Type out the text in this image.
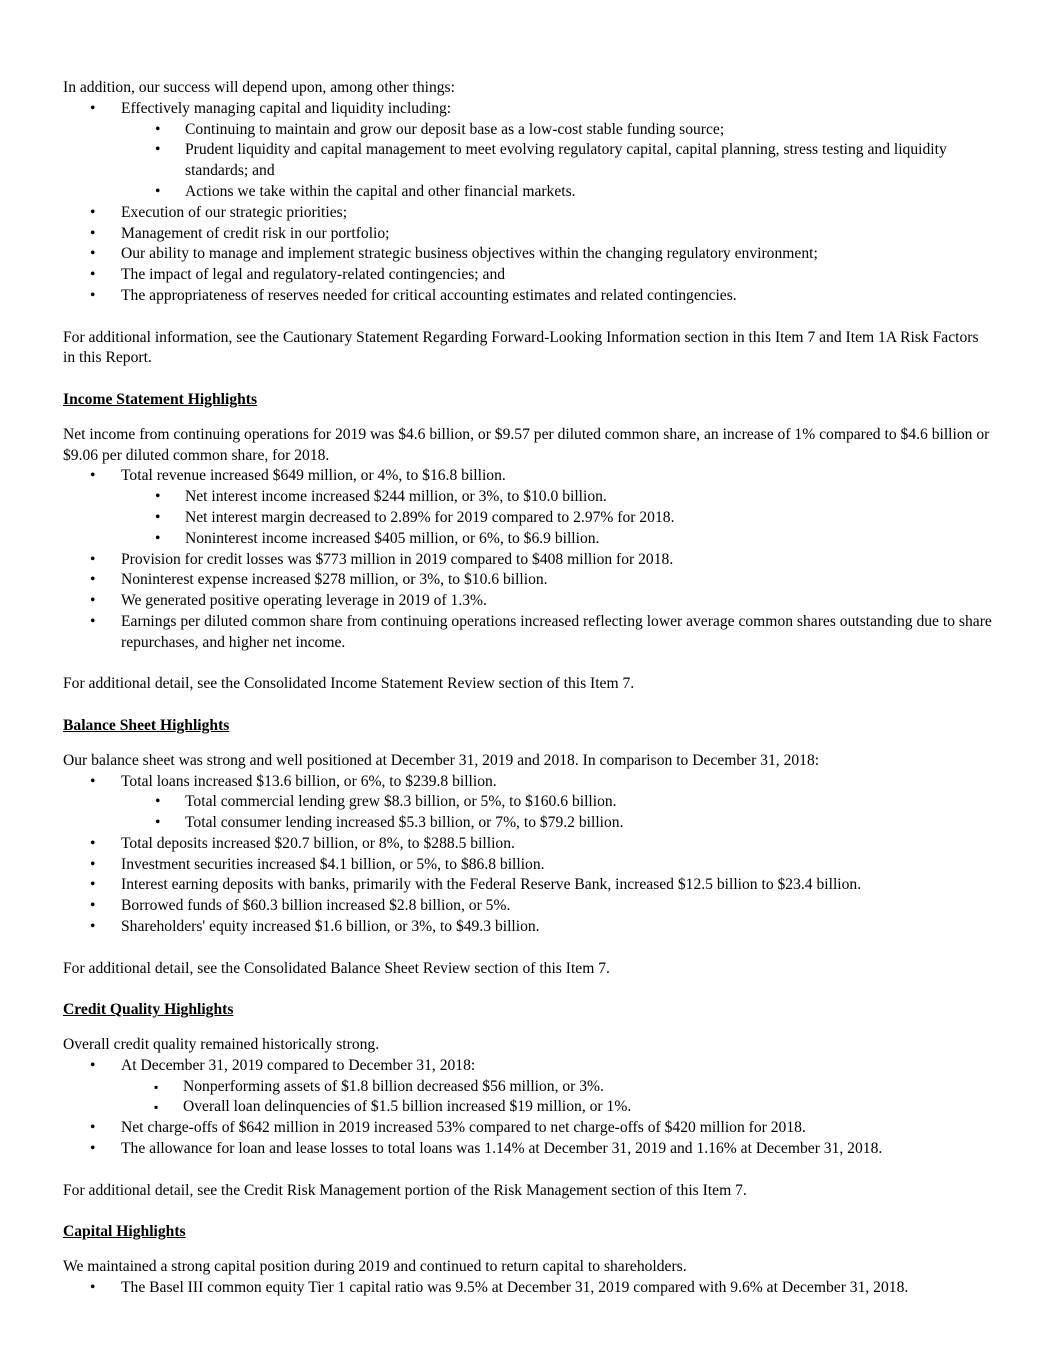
In addition, our success will depend upon, among other things:

• Effectively managing capital and liquidity including:
• Continuing to maintain and grow our deposit base as a low-cost stable funding source;
• Prudent liquidity and capital management to meet evolving regulatory capital, capital planning, stress testing and liquidity standards; and
• Actions we take within the capital and other financial markets.
• Execution of our strategic priorities;
• Management of credit risk in our portfolio;
• Our ability to manage and implement strategic business objectives within the changing regulatory environment;
• The impact of legal and regulatory-related contingencies; and
• The appropriateness of reserves needed for critical accounting estimates and related contingencies.

For additional information, see the Cautionary Statement Regarding Forward-Looking Information section in this Item 7 and Item 1A Risk Factors in this Report.

Income Statement Highlights

Net income from continuing operations for 2019 was $4.6 billion, or $9.57 per diluted common share, an increase of 1% compared to $4.6 billion or $9.06 per diluted common share, for 2018.

• Total revenue increased $649 million, or 4%, to $16.8 billion.
• Net interest income increased $244 million, or 3%, to $10.0 billion.
• Net interest margin decreased to 2.89% for 2019 compared to 2.97% for 2018.
• Noninterest income increased $405 million, or 6%, to $6.9 billion.
• Provision for credit losses was $773 million in 2019 compared to $408 million for 2018.
• Noninterest expense increased $278 million, or 3%, to $10.6 billion.
• We generated positive operating leverage in 2019 of 1.3%.
• Earnings per diluted common share from continuing operations increased reflecting lower average common shares outstanding due to share repurchases, and higher net income.

For additional detail, see the Consolidated Income Statement Review section of this Item 7.

Balance Sheet Highlights

Our balance sheet was strong and well positioned at December 31, 2019 and 2018. In comparison to December 31, 2018:

• Total loans increased $13.6 billion, or 6%, to $239.8 billion.
• Total commercial lending grew $8.3 billion, or 5%, to $160.6 billion.
• Total consumer lending increased $5.3 billion, or 7%, to $79.2 billion.
• Total deposits increased $20.7 billion, or 8%, to $288.5 billion.
• Investment securities increased $4.1 billion, or 5%, to $86.8 billion.
• Interest earning deposits with banks, primarily with the Federal Reserve Bank, increased $12.5 billion to $23.4 billion.
• Borrowed funds of $60.3 billion increased $2.8 billion, or 5%.
• Shareholders' equity increased $1.6 billion, or 3%, to $49.3 billion.

For additional detail, see the Consolidated Balance Sheet Review section of this Item 7.

Credit Quality Highlights

Overall credit quality remained historically strong.

• At December 31, 2019 compared to December 31, 2018:
▪ Nonperforming assets of $1.8 billion decreased $56 million, or 3%.
▪ Overall loan delinquencies of $1.5 billion increased $19 million, or 1%.
• Net charge-offs of $642 million in 2019 increased 53% compared to net charge-offs of $420 million for 2018.
• The allowance for loan and lease losses to total loans was 1.14% at December 31, 2019 and 1.16% at December 31, 2018.

For additional detail, see the Credit Risk Management portion of the Risk Management section of this Item 7.

Capital Highlights

We maintained a strong capital position during 2019 and continued to return capital to shareholders.

• The Basel III common equity Tier 1 capital ratio was 9.5% at December 31, 2019 compared with 9.6% at December 31, 2018.
